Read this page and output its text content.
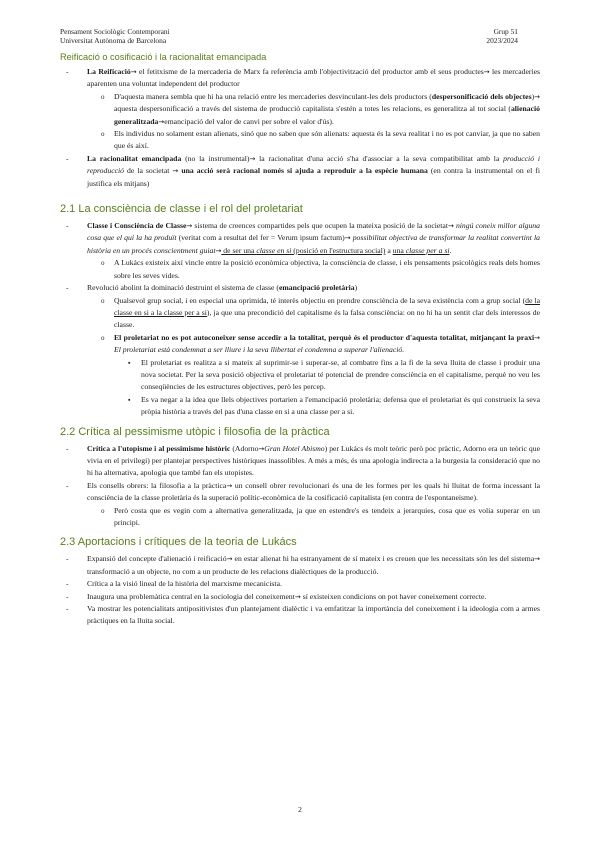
Pensament Sociològic Contemporani
Universitat Autònoma de Barcelona
Grup 51
2023/2024
Reificació o cosificació i la racionalitat emancipada
- La Reificació→ el fetitxisme de la mercaderia de Marx fa referència amb l'objectivització del productor amb el seus productes→ les mercaderies aparenten una voluntat independent del productor
o D'aquesta manera sembla que hi ha una relació entre les mercaderies desvinculant-les dels productors (despersonificació dels objectes)→ aquesta despersonificació a través del sistema de producció capitalista s'estén a totes les relacions, es generalitza al tot social (alienació generalitzada→emancipació del valor de canvi per sobre el valor d'ús).
o Els individus no solament estan alienats, sinó que no saben que són alienats: aquesta és la seva realitat i no es pot canviar, ja que no saben que és així.
- La racionalitat emancipada (no la instrumental)→ la racionalitat d'una acció s'ha d'associar a la seva compatibilitat amb la producció i reproducció de la societat → una acció serà racional només si ajuda a reproduir a la espècie humana (en contra la instrumental on el fi justifica els mitjans)
2.1 La consciència de classe i el rol del proletariat
- Classe i Consciència de Classe→ sistema de creences compartides pels que ocupen la mateixa posició de la societat→ ningú coneix millor alguna cosa que el qui la ha produït (veritat com a resultat del fer = Verum ipsum factum)→ possibilitat objectiva de transformar la realitat convertint la història en un procés conscientment guiat→ de ser una classe en si (posició en l'estructura social) a una classe per a si.
o A Lukács existeix així vincle entre la posició econòmica objectiva, la consciència de classe, i els pensaments psicològics reals dels homes sobre les seves vides.
- Revolució abolint la dominació destruint el sistema de classe (emancipació proletària)
o Qualsevol grup social, i en especial una oprimida, té interès objectiu en prendre consciència de la seva existència com a grup social (de la classe en si a la classe per a si), ja que una precondició del capitalisme és la falsa consciència: on no hi ha un sentit clar dels interessos de classe.
o El proletariat no es pot autoconeixer sense accedir a la totalitat, perquè és el productor d'aquesta totalitat, mitjançant la praxi→ El proletariat està condemnat a ser lliure i la seva llibertat el condemna a superar l'alienació.
▪ El proletariat es realitza a si mateix al suprimir-se i superar-se, al combatre fins a la fi de la seva lluita de classe i produir una nova societat. Per la seva posició objectiva el proletariat té potencial de prendre consciència en el capitalisme, perquè no veu les conseqüències de les estructures objectives, però les percep.
▪ Es va negar a la idea que llels objectives portarien a l'emancipació proletària; defensa que el proletariat és qui construeix la seva pròpia història a través del pas d'una classe en si a una classe per a si.
2.2 Crítica al pessimisme utòpic i filosofia de la pràctica
- Crítica a l'utopisme i al pessimisme històric (Adorno→Gran Hotel Abismo) per Lukács és molt teòric però poc pràctic, Adorno era un teòric que vivia en el privilegi) per plantejar perspectives històriques inassolibles. A més a més, és una apologia indirecta a la burgesia la consideració que no hi ha alternativa, apologia que també fan els utopistes.
- Els consells obrers: la filosofia a la pràctica→ un consell obrer revolucionari és una de les formes per les quals hi lluitat de forma incessant la consciència de la classe proletària és la superació polític-econòmica de la cosificació capitalista (en contra de l'espontaneisme).
o Però costa que es vegin com a alternativa generalitzada, ja que en estendre's es tendeix a jerarquies, cosa que es volia superar en un principi.
2.3 Aportacions i crítiques de la teoria de Lukács
- Expansió del concepte d'alienació i reificació→ en estar alienat hi ha estranyament de sí mateix i es creuen que les necessitats són les del sistema→ transformació a un objecte, no com a un producte de les relacions dialèctiques de la producció.
- Crítica a la visió lineal de la història del marxisme mecanicista.
- Inaugura una problemàtica central en la sociologia del coneixement→ sí existeixen condicions on pot haver coneixement correcte.
- Va mostrar les potencialitats antipositivistes d'un plantejament dialèctic i va emfatitzar la importància del coneixement i la ideologia com a armes pràctiques en la lluita social.
2
